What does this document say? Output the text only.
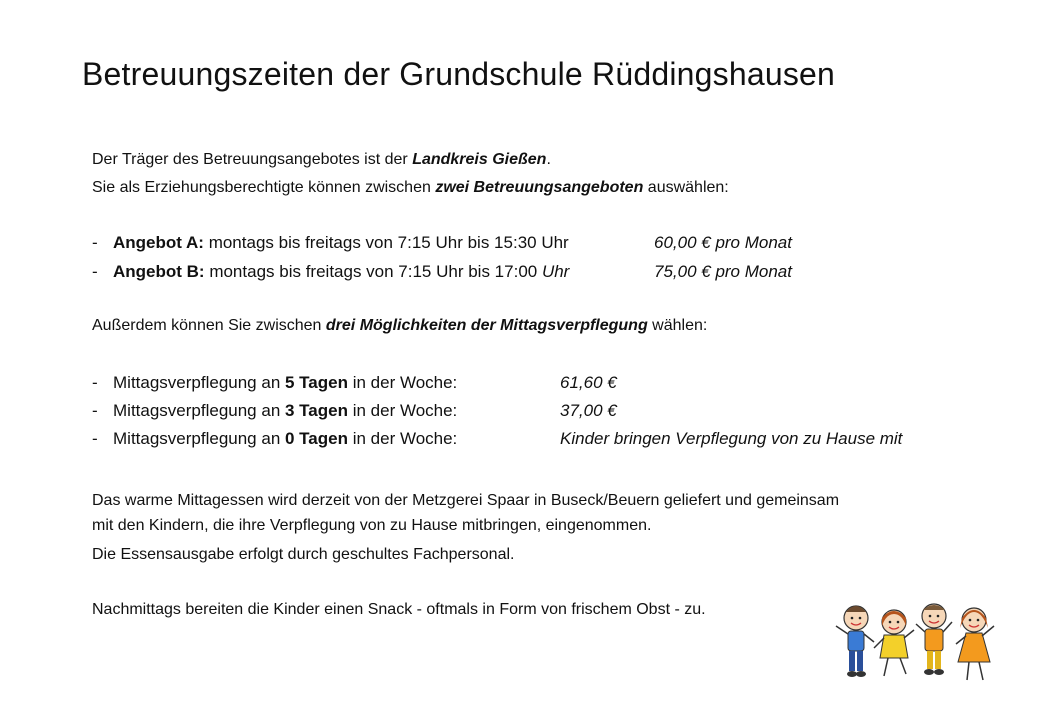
Betreuungszeiten der Grundschule Rüddingshausen
Der Träger des Betreuungsangebotes ist der Landkreis Gießen.
Sie als Erziehungsberechtigte können zwischen zwei Betreuungsangeboten auswählen:
- Angebot A: montags bis freitags von 7:15 Uhr bis 15:30 Uhr	60,00 € pro Monat
- Angebot B: montags bis freitags von 7:15 Uhr bis 17:00 Uhr	75,00 € pro Monat
Außerdem können Sie zwischen drei Möglichkeiten der Mittagsverpflegung wählen:
- Mittagsverpflegung an 5 Tagen in der Woche:	61,60 €
- Mittagsverpflegung an 3 Tagen in der Woche:	37,00 €
- Mittagsverpflegung an 0 Tagen in der Woche:	Kinder bringen Verpflegung von zu Hause mit
Das warme Mittagessen wird derzeit von der Metzgerei Spaar in Buseck/Beuern geliefert und gemeinsam
mit den Kindern, die ihre Verpflegung von zu Hause mitbringen, eingenommen.
Die Essensausgabe erfolgt durch geschultes Fachpersonal.
Nachmittags bereiten die Kinder einen Snack - oftmals in Form von frischem Obst - zu.
